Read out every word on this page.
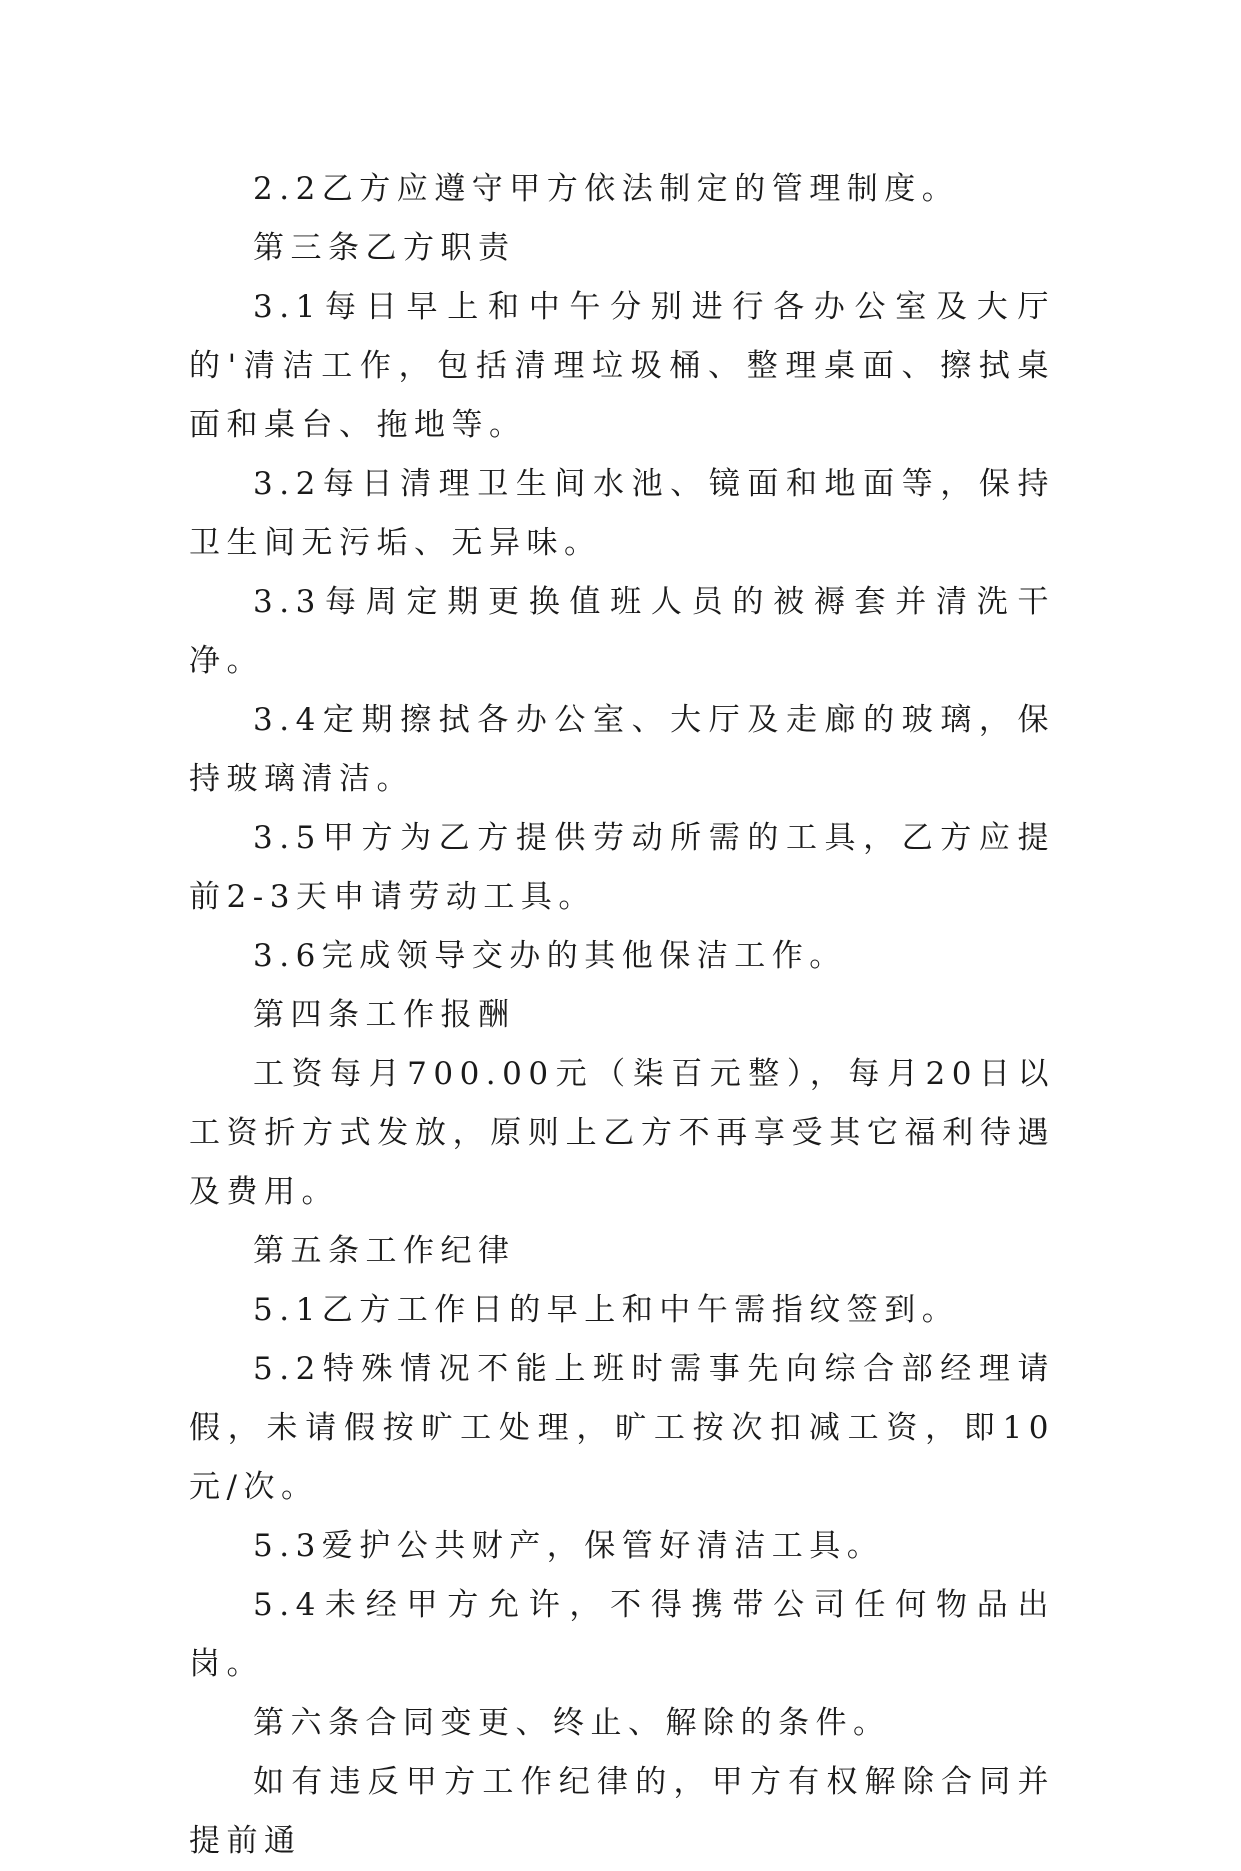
2.2乙方应遵守甲方依法制定的管理制度。

第三条乙方职责

3.1每日早上和中午分别进行各办公室及大厅的'清洁工作，包括清理垃圾桶、整理桌面、擦拭桌面和桌台、拖地等。

3.2每日清理卫生间水池、镜面和地面等，保持卫生间无污垢、无异味。

3.3每周定期更换值班人员的被褥套并清洗干净。

3.4定期擦拭各办公室、大厅及走廊的玻璃，保持玻璃清洁。

3.5甲方为乙方提供劳动所需的工具，乙方应提前2-3天申请劳动工具。

3.6完成领导交办的其他保洁工作。

第四条工作报酬

工资每月700.00元（柒百元整），每月20日以工资折方式发放，原则上乙方不再享受其它福利待遇及费用。

第五条工作纪律

5.1乙方工作日的早上和中午需指纹签到。

5.2特殊情况不能上班时需事先向综合部经理请假，未请假按旷工处理，旷工按次扣减工资，即10元/次。

5.3爱护公共财产，保管好清洁工具。

5.4未经甲方允许，不得携带公司任何物品出岗。

第六条合同变更、终止、解除的条件。

如有违反甲方工作纪律的，甲方有权解除合同并提前通
